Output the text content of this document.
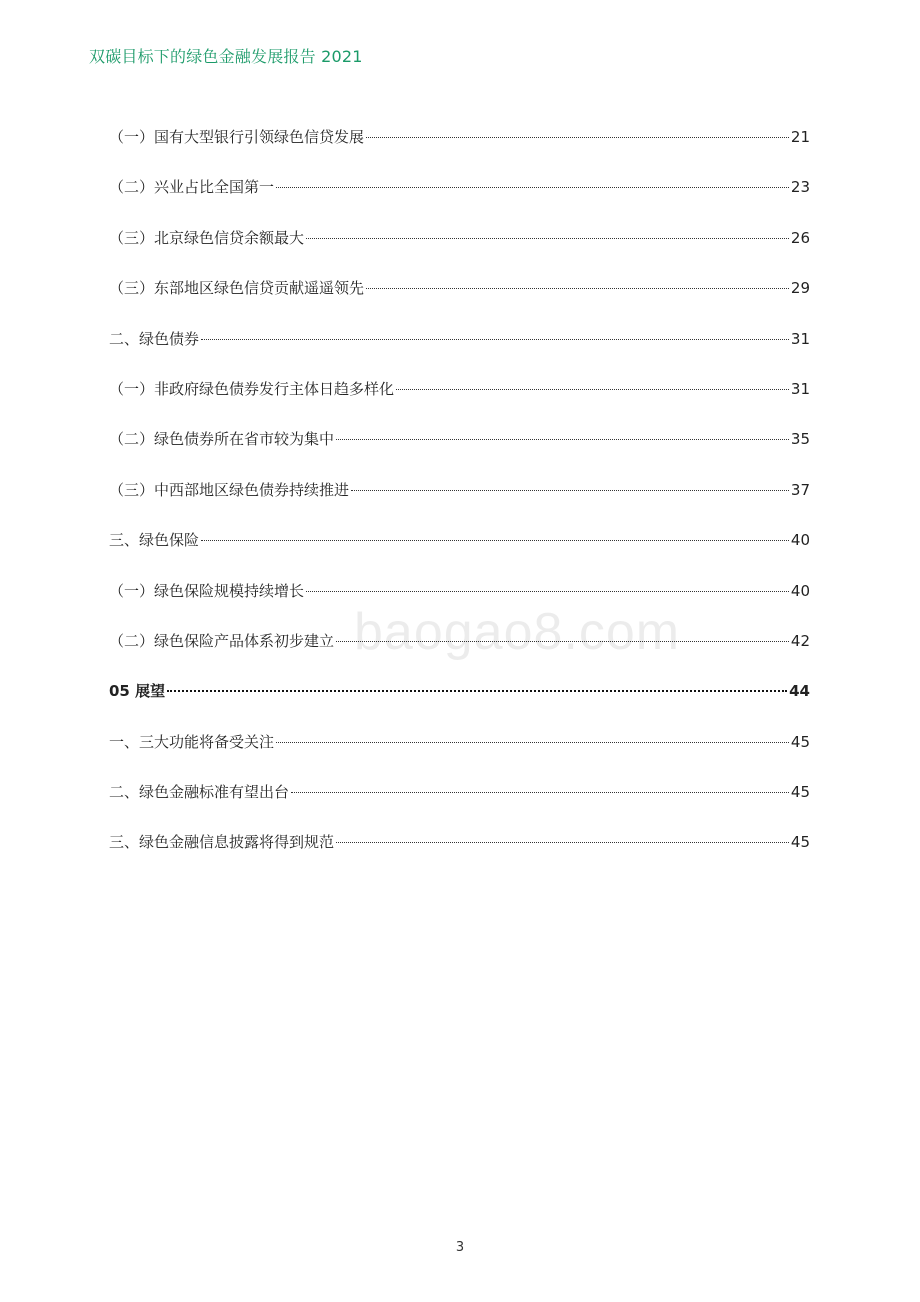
双碳目标下的绿色金融发展报告 2021
（一）国有大型银行引领绿色信贷发展	21
（二）兴业占比全国第一	23
（三）北京绿色信贷余额最大	26
（三）东部地区绿色信贷贡献遥遥领先	29
二、绿色债券	31
（一）非政府绿色债券发行主体日趋多样化	31
（二）绿色债券所在省市较为集中	35
（三）中西部地区绿色债券持续推进	37
三、绿色保险	40
（一）绿色保险规模持续增长	40
（二）绿色保险产品体系初步建立	42
05 展望	44
一、三大功能将备受关注	45
二、绿色金融标准有望出台	45
三、绿色金融信息披露将得到规范	45
baogao8.com
3
